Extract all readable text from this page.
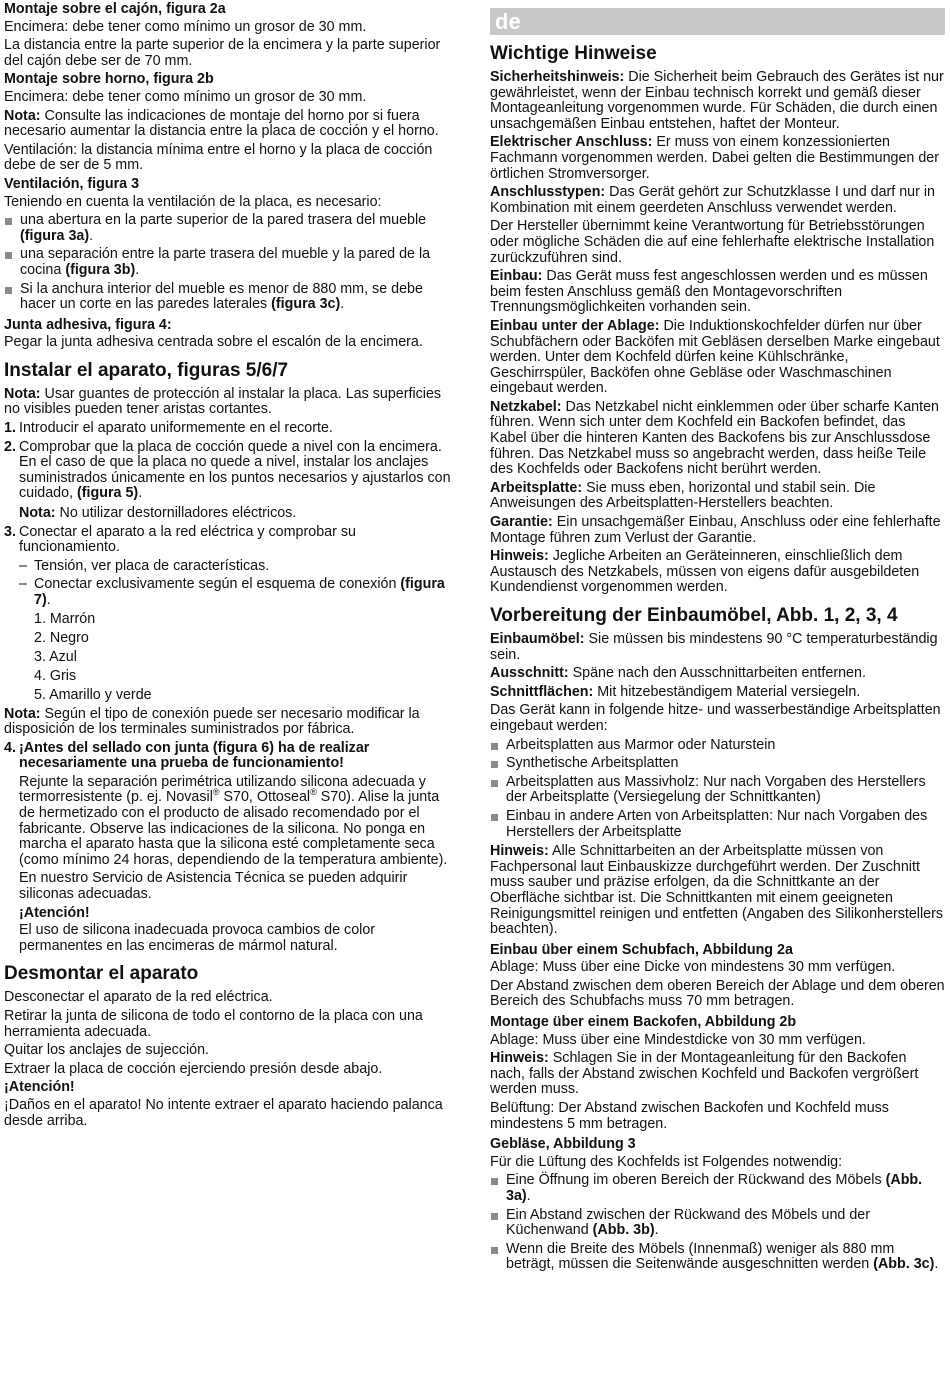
Montaje sobre el cajón, figura 2a

Encimera: debe tener como mínimo un grosor de 30 mm.

La distancia entre la parte superior de la encimera y la parte superior del cajón debe ser de 70 mm.

Montaje sobre horno, figura 2b

Encimera: debe tener como mínimo un grosor de 30 mm.

Nota: Consulte las indicaciones de montaje del horno por si fuera necesario aumentar la distancia entre la placa de cocción y el horno.

Ventilación: la distancia mínima entre el horno y la placa de cocción debe de ser de 5 mm.

Ventilación, figura 3

Teniendo en cuenta la ventilación de la placa, es necesario:

una abertura en la parte superior de la pared trasera del mueble (figura 3a).
una separación entre la parte trasera del mueble y la pared de la cocina (figura 3b).
Si la anchura interior del mueble es menor de 880 mm, se debe hacer un corte en las paredes laterales (figura 3c).

Junta adhesiva, figura 4:

Pegar la junta adhesiva centrada sobre el escalón de la encimera.

Instalar el aparato, figuras 5/6/7

Nota: Usar guantes de protección al instalar la placa. Las superficies no visibles pueden tener aristas cortantes.

1. Introducir el aparato uniformemente en el recorte.
2. Comprobar que la placa de cocción quede a nivel con la encimera. En el caso de que la placa no quede a nivel, instalar los anclajes suministrados únicamente en los puntos necesarios y ajustarlos con cuidado, (figura 5).

Nota: No utilizar destornilladores eléctricos.

3. Conectar el aparato a la red eléctrica y comprobar su funcionamiento.
– Tensión, ver placa de características.
– Conectar exclusivamente según el esquema de conexión (figura 7).
1. Marrón
2. Negro
3. Azul
4. Gris
5. Amarillo y verde

Nota: Según el tipo de conexión puede ser necesario modificar la disposición de los terminales suministrados por fábrica.

4. ¡Antes del sellado con junta (figura 6) ha de realizar necesariamente una prueba de funcionamiento!

Rejunte la separación perimétrica utilizando silicona adecuada y termorresistente (p. ej. Novasil® S70, Ottoseal® S70). Alise la junta de hermetizado con el producto de alisado recomendado por el fabricante. Observe las indicaciones de la silicona. No ponga en marcha el aparato hasta que la silicona esté completamente seca (como mínimo 24 horas, dependiendo de la temperatura ambiente).

En nuestro Servicio de Asistencia Técnica se pueden adquirir siliconas adecuadas.

¡Atención!

El uso de silicona inadecuada provoca cambios de color permanentes en las encimeras de mármol natural.

Desmontar el aparato

Desconectar el aparato de la red eléctrica.

Retirar la junta de silicona de todo el contorno de la placa con una herramienta adecuada.

Quitar los anclajes de sujección.

Extraer la placa de cocción ejerciendo presión desde abajo.

¡Atención!

¡Daños en el aparato! No intente extraer el aparato haciendo palanca desde arriba.

de
Wichtige Hinweise

Sicherheitshinweis: Die Sicherheit beim Gebrauch des Gerätes ist nur gewährleistet, wenn der Einbau technisch korrekt und gemäß dieser Montageanleitung vorgenommen wurde. Für Schäden, die durch einen unsachgemäßen Einbau entstehen, haftet der Monteur.

Elektrischer Anschluss: Er muss von einem konzessionierten Fachmann vorgenommen werden. Dabei gelten die Bestimmungen der örtlichen Stromversorger.

Anschlusstypen: Das Gerät gehört zur Schutzklasse I und darf nur in Kombination mit einem geerdeten Anschluss verwendet werden.

Der Hersteller übernimmt keine Verantwortung für Betriebsstörungen oder mögliche Schäden die auf eine fehlerhafte elektrische Installation zurückzuführen sind.

Einbau: Das Gerät muss fest angeschlossen werden und es müssen beim festen Anschluss gemäß den Montagevorschriften Trennungsmöglichkeiten vorhanden sein.

Einbau unter der Ablage: Die Induktionskochfelder dürfen nur über Schubfächern oder Backöfen mit Gebläsen derselben Marke eingebaut werden. Unter dem Kochfeld dürfen keine Kühlschränke, Geschirrspüler, Backöfen ohne Gebläse oder Waschmaschinen eingebaut werden.

Netzkabel: Das Netzkabel nicht einklemmen oder über scharfe Kanten führen. Wenn sich unter dem Kochfeld ein Backofen befindet, das Kabel über die hinteren Kanten des Backofens bis zur Anschlussdose führen. Das Netzkabel muss so angebracht werden, dass heiße Teile des Kochfelds oder Backofens nicht berührt werden.

Arbeitsplatte: Sie muss eben, horizontal und stabil sein. Die Anweisungen des Arbeitsplatten-Herstellers beachten.

Garantie: Ein unsachgemäßer Einbau, Anschluss oder eine fehlerhafte Montage führen zum Verlust der Garantie.

Hinweis: Jegliche Arbeiten an Geräteinneren, einschließlich dem Austausch des Netzkabels, müssen von eigens dafür ausgebildeten Kundendienst vorgenommen werden.

Vorbereitung der Einbaumöbel, Abb. 1, 2, 3, 4

Einbaumöbel: Sie müssen bis mindestens 90 °C temperaturbeständig sein.

Ausschnitt: Späne nach den Ausschnittarbeiten entfernen.

Schnittflächen: Mit hitzebeständigem Material versiegeln.

Das Gerät kann in folgende hitze- und wasserbeständige Arbeitsplatten eingebaut werden:

Arbeitsplatten aus Marmor oder Naturstein
Synthetische Arbeitsplatten
Arbeitsplatten aus Massivholz: Nur nach Vorgaben des Herstellers der Arbeitsplatte (Versiegelung der Schnittkanten)
Einbau in andere Arten von Arbeitsplatten: Nur nach Vorgaben des Herstellers der Arbeitsplatte

Hinweis: Alle Schnittarbeiten an der Arbeitsplatte müssen von Fachpersonal laut Einbauskizze durchgeführt werden. Der Zuschnitt muss sauber und präzise erfolgen, da die Schnittkante an der Oberfläche sichtbar ist. Die Schnittkanten mit einem geeigneten Reinigungsmittel reinigen und entfetten (Angaben des Silikonherstellers beachten).

Einbau über einem Schubfach, Abbildung 2a

Ablage: Muss über eine Dicke von mindestens 30 mm verfügen.

Der Abstand zwischen dem oberen Bereich der Ablage und dem oberen Bereich des Schubfachs muss 70 mm betragen.

Montage über einem Backofen, Abbildung 2b

Ablage: Muss über eine Mindestdicke von 30 mm verfügen.

Hinweis: Schlagen Sie in der Montageanleitung für den Backofen nach, falls der Abstand zwischen Kochfeld und Backofen vergrößert werden muss.

Belüftung: Der Abstand zwischen Backofen und Kochfeld muss mindestens 5 mm betragen.

Gebläse, Abbildung 3

Für die Lüftung des Kochfelds ist Folgendes notwendig:

Eine Öffnung im oberen Bereich der Rückwand des Möbels (Abb. 3a).
Ein Abstand zwischen der Rückwand des Möbels und der Küchenwand (Abb. 3b).
Wenn die Breite des Möbels (Innenmaß) weniger als 880 mm beträgt, müssen die Seitenwände ausgeschnitten werden (Abb. 3c).
